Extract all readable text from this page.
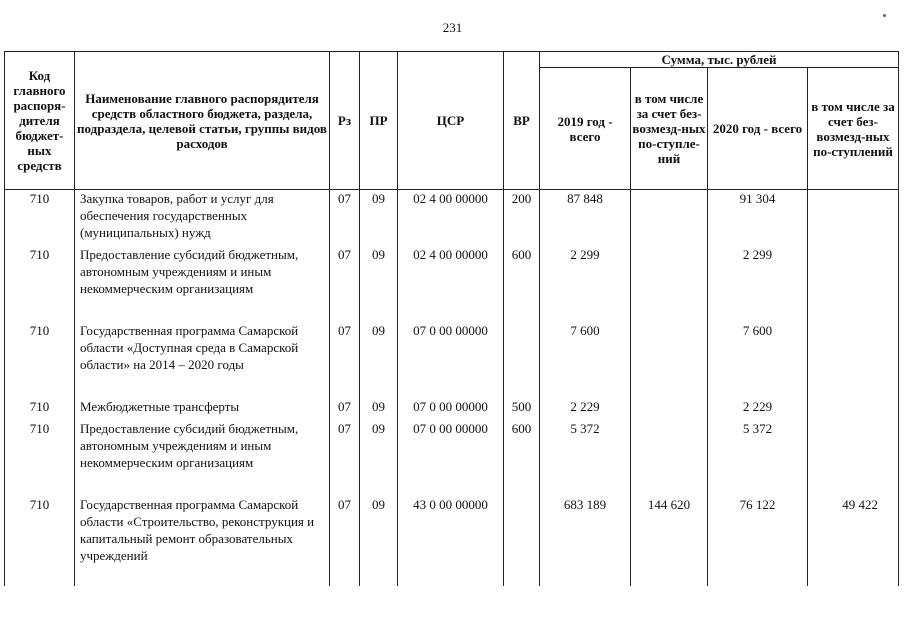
231
Код главного распоря-дителя бюджет-ных средств	Наименование главного распорядителя средств областного бюджета, раздела, подраздела, целевой статьи, группы видов расходов	Рз	ПР	ЦСР	ВР	Сумма, тыс. рублей			
						2019 год - всего	в том числе за счет без-возмезд-ных по-ступле-ний	2020 год - всего	в том числе за счет без-возмезд-ных по-ступлений
710	Закупка товаров, работ и услуг для обеспечения государственных (муниципальных) нужд	07	09	02 4 00 00000	200	87 848		91 304	
710	Предоставление субсидий бюджетным, автономным учреждениям и иным некоммерческим организациям	07	09	02 4 00 00000	600	2 299		2 299	
710	Государственная программа Самарской области «Доступная среда в Самарской области» на 2014 – 2020 годы	07	09	07 0 00 00000		7 600		7 600	
710	Межбюджетные трансферты	07	09	07 0 00 00000	500	2 229		2 229	
710	Предоставление субсидий бюджетным, автономным учреждениям и иным некоммерческим организациям	07	09	07 0 00 00000	600	5 372		5 372	
710	Государственная программа Самарской области «Строительство, реконструкция и капитальный ремонт образовательных учреждений	07	09	43 0 00 00000		683 189	144 620	76 122	49 422
